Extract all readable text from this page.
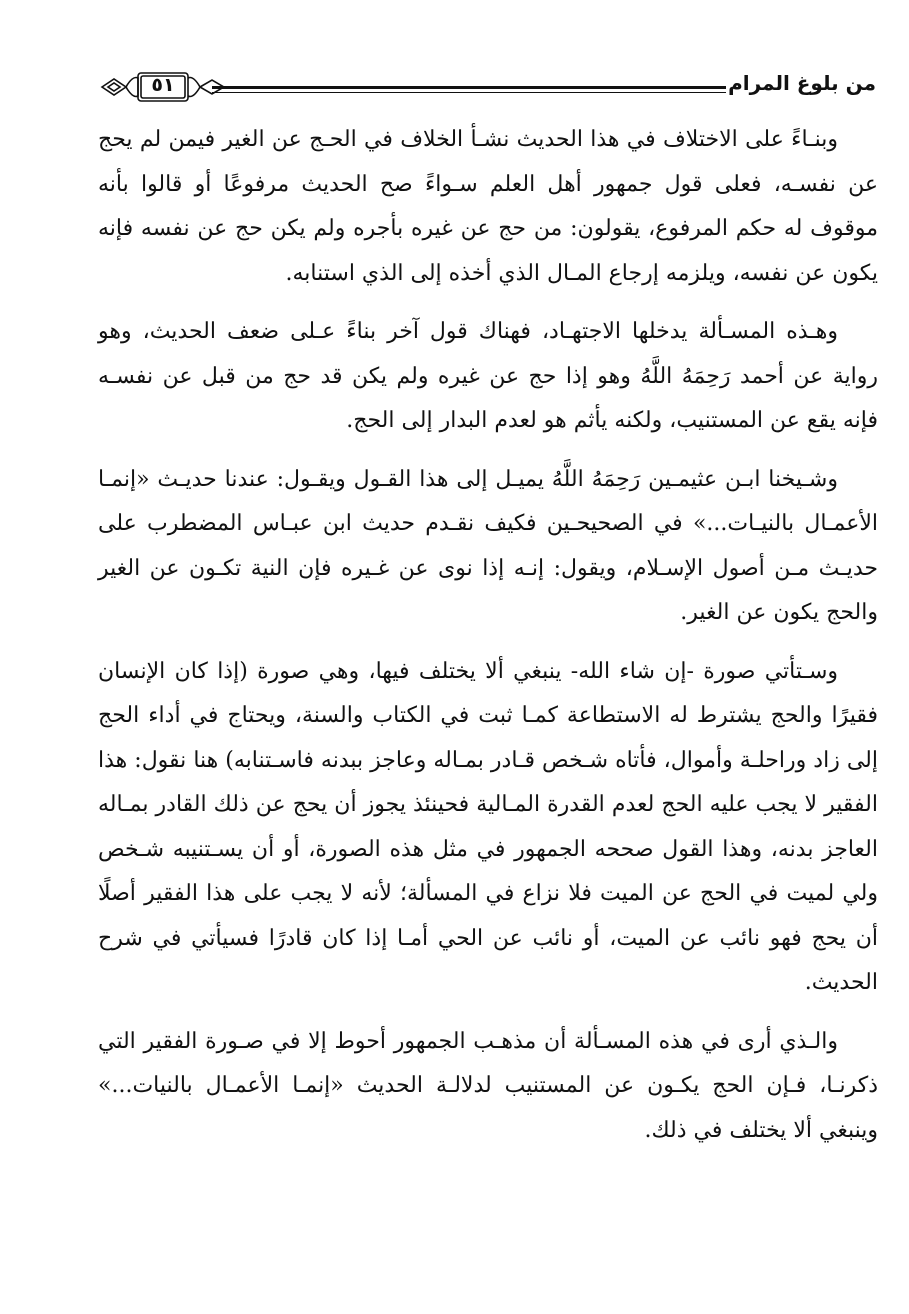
من بلوغ المرام
٥١

وبنـاءً على الاختلاف في هذا الحديث نشـأ الخلاف في الحـج عن الغير فيمن لم يحج عن نفسـه، فعلى قول جمهور أهل العلم سـواءً صح الحديث مرفوعًا أو قالوا بأنه موقوف له حكم المرفوع، يقولون: من حج عن غيره بأجره ولم يكن حج عن نفسه فإنه يكون عن نفسه، ويلزمه إرجاع المـال الذي أخذه إلى الذي استنابه.

وهـذه المسـألة يدخلها الاجتهـاد، فهناك قول آخر بناءً عـلى ضعف الحديث، وهو رواية عن أحمد رَحِمَهُ اللَّهُ وهو إذا حج عن غيره ولم يكن قد حج من قبل عن نفسـه فإنه يقع عن المستنيب، ولكنه يأثم هو لعدم البدار إلى الحج.

وشـيخنا ابـن عثيمـين رَحِمَهُ اللَّهُ يميـل إلى هذا القـول ويقـول: عندنا حديـث «إنمـا الأعمـال بالنيـات...» في الصحيحـين فكيف نقـدم حديث ابن عبـاس المضطرب على حديـث مـن أصول الإسـلام، ويقول: إنـه إذا نوى عن غـيره فإن النية تكـون عن الغير والحج يكون عن الغير.

وسـتأتي صورة -إن شاء الله- ينبغي ألا يختلف فيها، وهي صورة (إذا كان الإنسان فقيرًا والحج يشترط له الاستطاعة كمـا ثبت في الكتاب والسنة، ويحتاج في أداء الحج إلى زاد وراحلـة وأموال، فأتاه شـخص قـادر بمـاله وعاجز ببدنه فاسـتنابه) هنا نقول: هذا الفقير لا يجب عليه الحج لعدم القدرة المـالية فحينئذ يجوز أن يحج عن ذلك القادر بمـاله العاجز بدنه، وهذا القول صححه الجمهور في مثل هذه الصورة، أو أن يسـتنيبه شـخص ولي لميت في الحج عن الميت فلا نزاع في المسألة؛ لأنه لا يجب على هذا الفقير أصلًا أن يحج فهو نائب عن الميت، أو نائب عن الحي أمـا إذا كان قادرًا فسيأتي في شرح الحديث.

والـذي أرى في هذه المسـألة أن مذهـب الجمهور أحوط إلا في صـورة الفقير التي ذكرنـا، فـإن الحج يكـون عن المستنيب لدلالـة الحديث «إنمـا الأعمـال بالنيات...» وينبغي ألا يختلف في ذلك.
